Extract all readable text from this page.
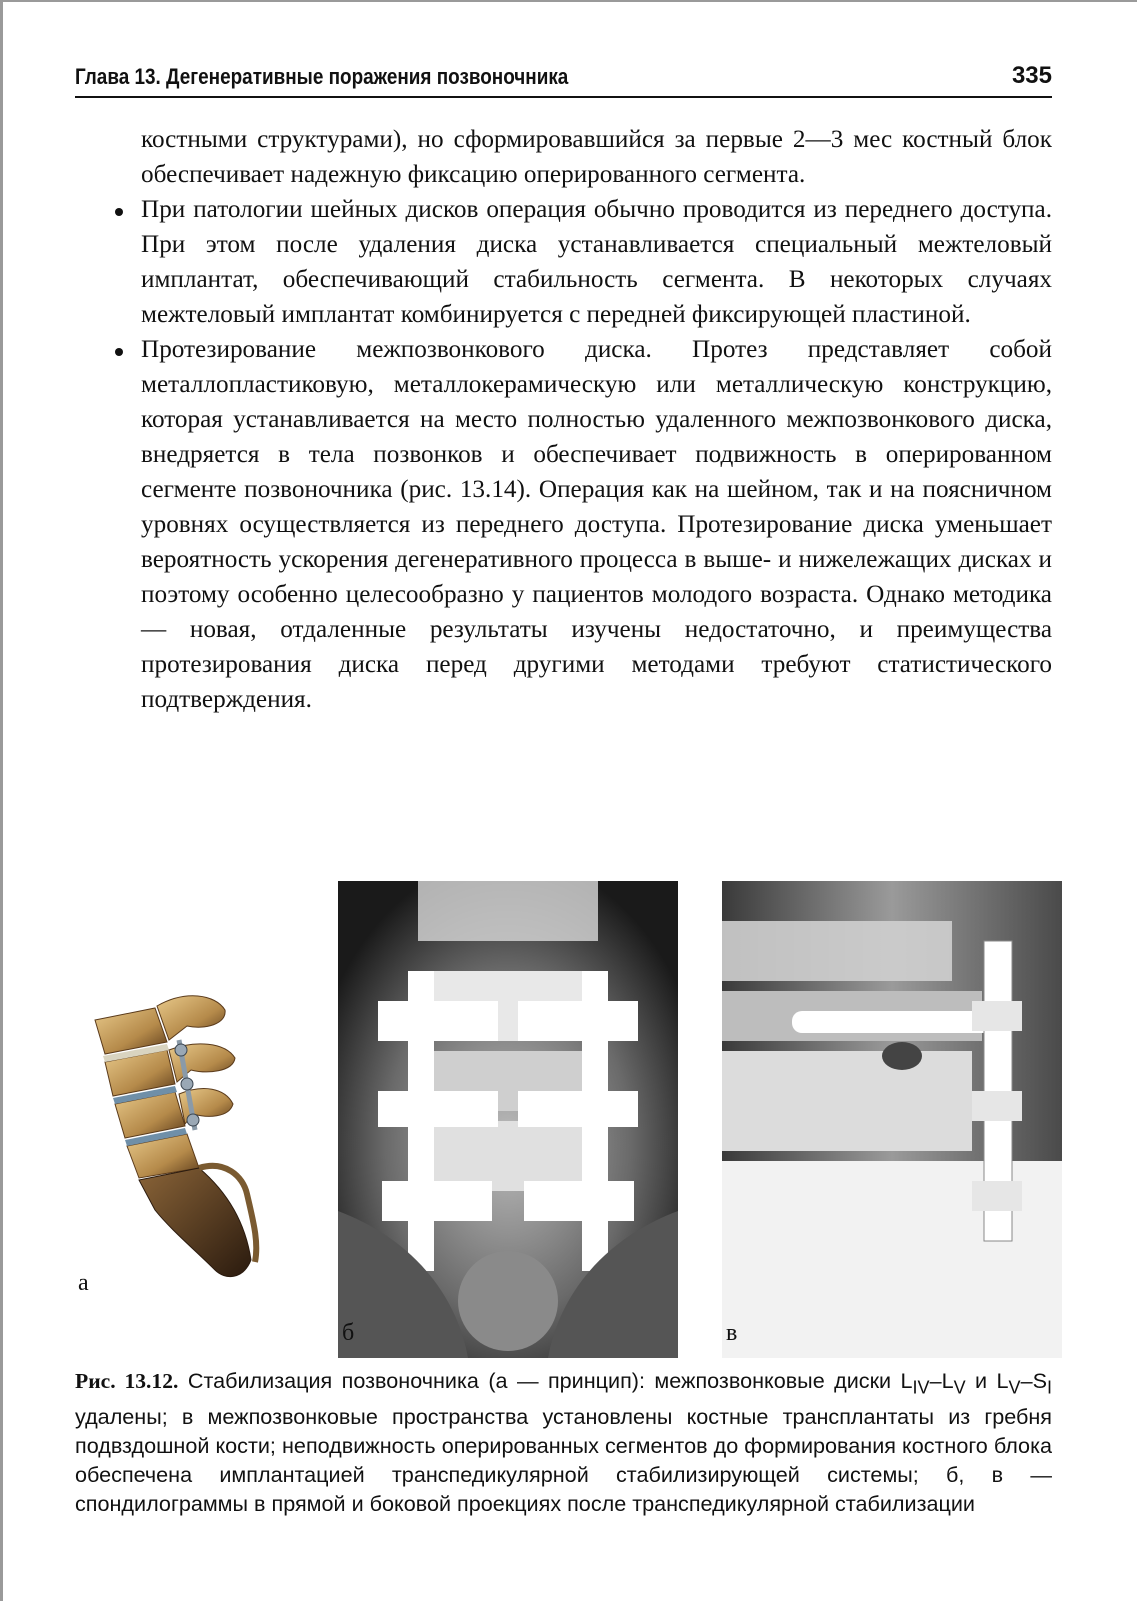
Глава 13. Дегенеративные поражения позвоночника	335

костными структурами), но сформировавшийся за первые 2—3 мес костный блок обеспечивает надежную фиксацию оперированного сегмента.

При патологии шейных дисков операция обычно проводится из переднего доступа. При этом после удаления диска устанавливается специальный межтеловый имплантат, обеспечивающий стабильность сегмента. В некоторых случаях межтеловый имплантат комбинируется с передней фиксирующей пластиной.

Протезирование межпозвонкового диска. Протез представляет собой металлопластиковую, металлокерамическую или металлическую конструкцию, которая устанавливается на место полностью удаленного межпозвонкового диска, внедряется в тела позвонков и обеспечивает подвижность в оперированном сегменте позвоночника (рис. 13.14). Операция как на шейном, так и на поясничном уровнях осуществляется из переднего доступа. Протезирование диска уменьшает вероятность ускорения дегенеративного процесса в выше- и нижележащих дисках и поэтому особенно целесообразно у пациентов молодого возраста. Однако методика — новая, отдаленные результаты изучены недостаточно, и преимущества протезирования диска перед другими методами требуют статистического подтверждения.

а
б	в

Рис. 13.12. Стабилизация позвоночника (а — принцип): межпозвонковые диски $L_{IV}-L_V$ и $L_V-S_I$ удалены; в межпозвонковые пространства установлены костные трансплантаты из гребня подвздошной кости; неподвижность оперированных сегментов до формирования костного блока обеспечена имплантацией транспедикулярной стабилизирующей системы; б, в — спондилограммы в прямой и боковой проекциях после транспедикулярной стабилизации
